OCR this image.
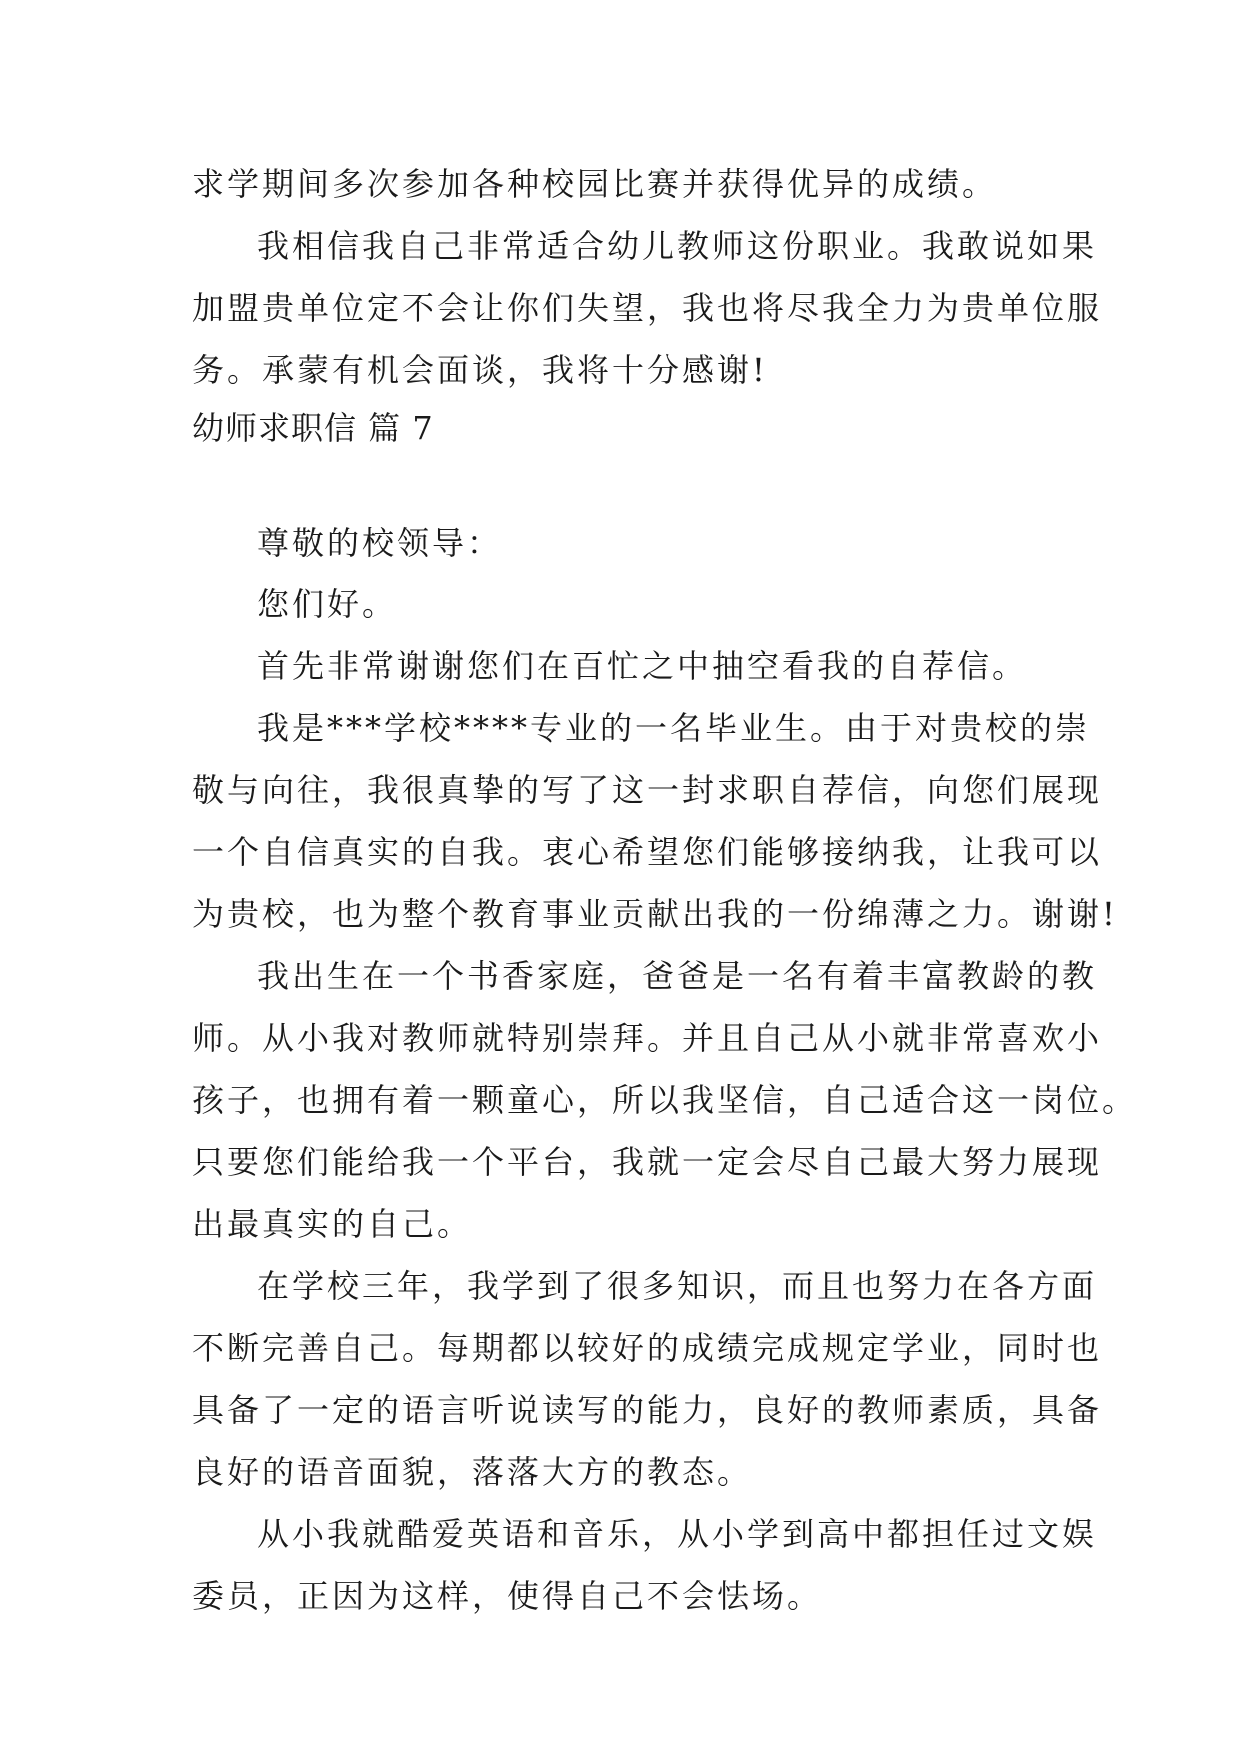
求学期间多次参加各种校园比赛并获得优异的成绩。
我相信我自己非常适合幼儿教师这份职业。我敢说如果
加盟贵单位定不会让你们失望，我也将尽我全力为贵单位服
务。承蒙有机会面谈，我将十分感谢!
幼师求职信 篇 7
尊敬的校领导：
您们好。
首先非常谢谢您们在百忙之中抽空看我的自荐信。
我是***学校****专业的一名毕业生。由于对贵校的崇
敬与向往，我很真挚的写了这一封求职自荐信，向您们展现
一个自信真实的自我。衷心希望您们能够接纳我，让我可以
为贵校，也为整个教育事业贡献出我的一份绵薄之力。谢谢!
我出生在一个书香家庭，爸爸是一名有着丰富教龄的教
师。从小我对教师就特别崇拜。并且自己从小就非常喜欢小
孩子，也拥有着一颗童心，所以我坚信，自己适合这一岗位。
只要您们能给我一个平台，我就一定会尽自己最大努力展现
出最真实的自己。
在学校三年，我学到了很多知识，而且也努力在各方面
不断完善自己。每期都以较好的成绩完成规定学业，同时也
具备了一定的语言听说读写的能力，良好的教师素质，具备
良好的语音面貌，落落大方的教态。
从小我就酷爱英语和音乐，从小学到高中都担任过文娱
委员，正因为这样，使得自己不会怯场。
